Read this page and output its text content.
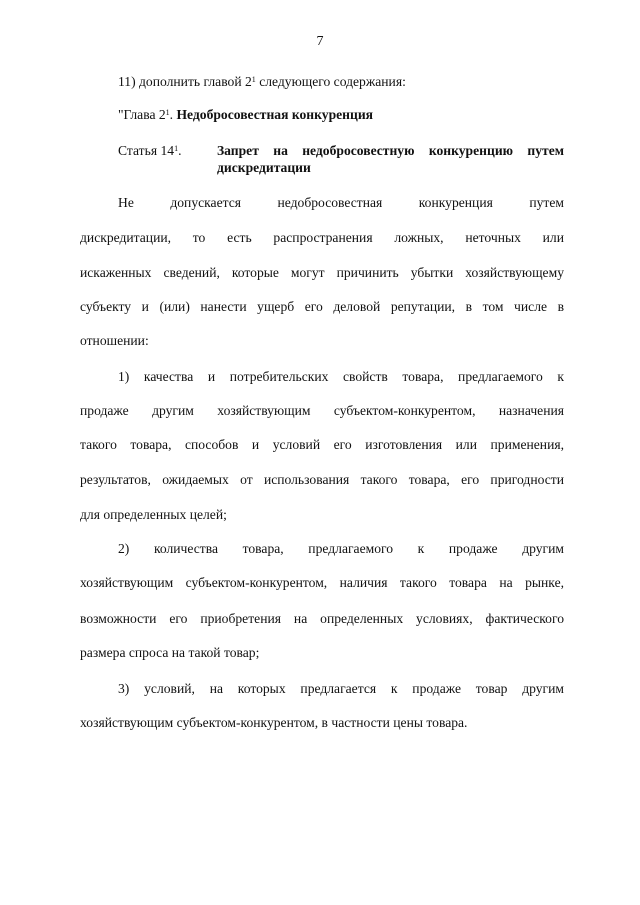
7
11) дополнить главой $2^1$ следующего содержания:
"Глава $2^1$. Недобросовестная конкуренция
Статья $14^1$.	Запрет на недобросовестную конкуренцию путем
дискредитации
Не допускается недобросовестная конкуренция путем
дискредитации, то есть распространения ложных, неточных или
искаженных сведений, которые могут причинить убытки хозяйствующему
субъекту и (или) нанести ущерб его деловой репутации, в том числе в
отношении:
1) качества и потребительских свойств товара, предлагаемого к
продаже другим хозяйствующим субъектом-конкурентом, назначения
такого товара, способов и условий его изготовления или применения,
результатов, ожидаемых от использования такого товара, его пригодности
для определенных целей;
2) количества товара, предлагаемого к продаже другим
хозяйствующим субъектом-конкурентом, наличия такого товара на рынке,
возможности его приобретения на определенных условиях, фактического
размера спроса на такой товар;
3) условий, на которых предлагается к продаже товар другим
хозяйствующим субъектом-конкурентом, в частности цены товара.
